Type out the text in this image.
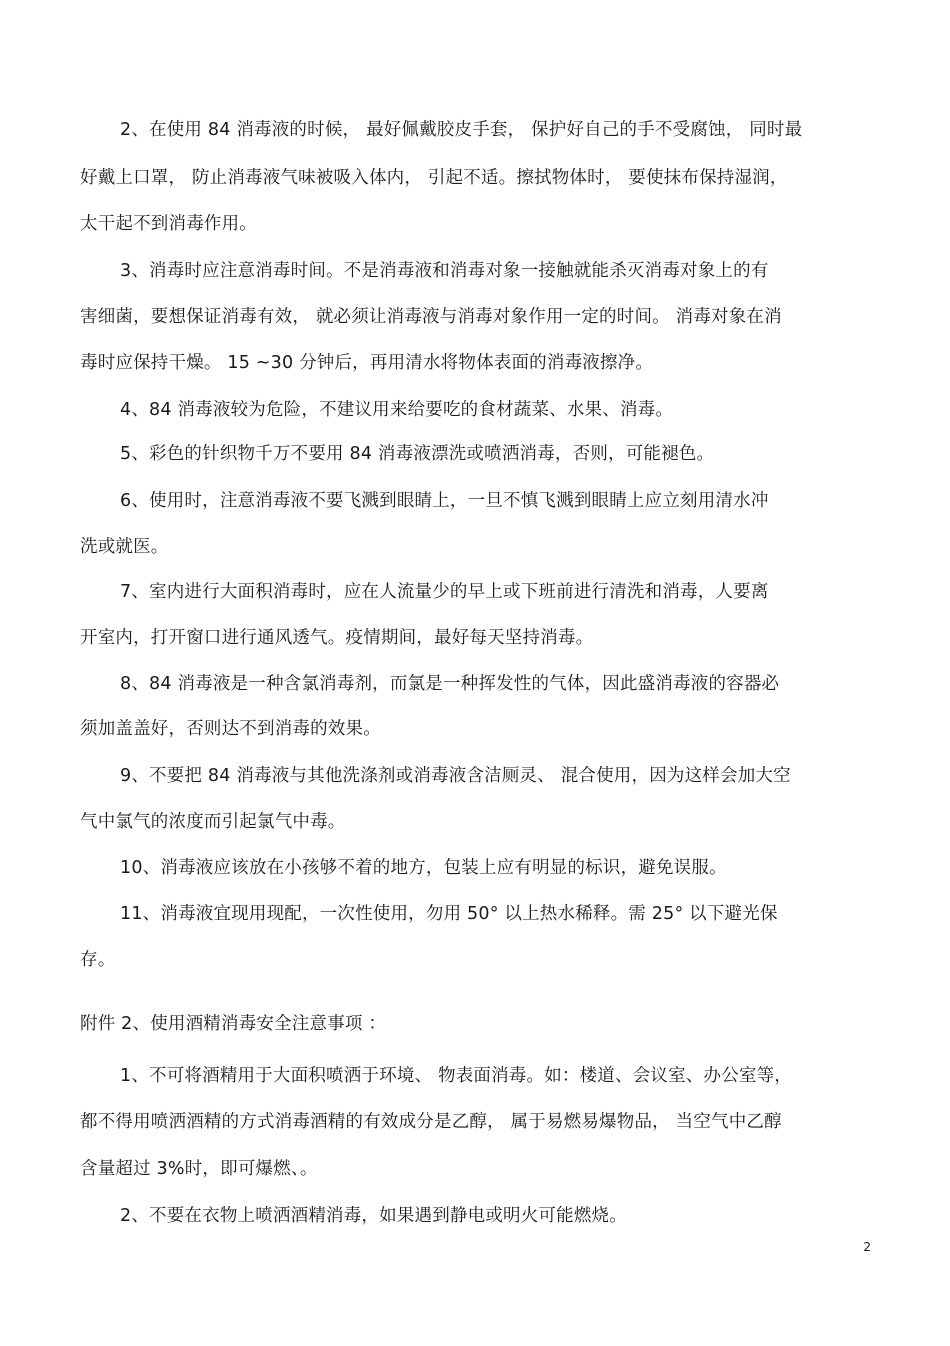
2、在使用 84 消毒液的时候， 最好佩戴胶皮手套， 保护好自己的手不受腐蚀， 同时最
好戴上口罩， 防止消毒液气味被吸入体内， 引起不适。擦拭物体时， 要使抹布保持湿润，
太干起不到消毒作用。
3、消毒时应注意消毒时间。不是消毒液和消毒对象一接触就能杀灭消毒对象上的有
害细菌，要想保证消毒有效， 就必须让消毒液与消毒对象作用一定的时间。 消毒对象在消
毒时应保持干燥。 15 ~30 分钟后，再用清水将物体表面的消毒液擦净。
4、84 消毒液较为危险，不建议用来给要吃的食材蔬菜、水果、消毒。
5、彩色的针织物千万不要用 84 消毒液漂洗或喷洒消毒，否则，可能褪色。
6、使用时，注意消毒液不要飞溅到眼睛上，一旦不慎飞溅到眼睛上应立刻用清水冲
洗或就医。
7、室内进行大面积消毒时，应在人流量少的早上或下班前进行清洗和消毒，人要离
开室内，打开窗口进行通风透气。疫情期间，最好每天坚持消毒。
8、84 消毒液是一种含氯消毒剂，而氯是一种挥发性的气体，因此盛消毒液的容器必
须加盖盖好，否则达不到消毒的效果。
9、不要把 84 消毒液与其他洗涤剂或消毒液含洁厕灵、 混合使用，因为这样会加大空
气中氯气的浓度而引起氯气中毒。
10、消毒液应该放在小孩够不着的地方，包装上应有明显的标识，避免误服。
11、消毒液宜现用现配，一次性使用，勿用 50° 以上热水稀释。需 25° 以下避光保
存。
附件 2、使用酒精消毒安全注意事项 ：
1、不可将酒精用于大面积喷洒于环境、 物表面消毒。如：楼道、会议室、办公室等，
都不得用喷洒酒精的方式消毒酒精的有效成分是乙醇， 属于易燃易爆物品， 当空气中乙醇
含量超过 3%时，即可爆燃、。
2、不要在衣物上喷洒酒精消毒，如果遇到静电或明火可能燃烧。
2
